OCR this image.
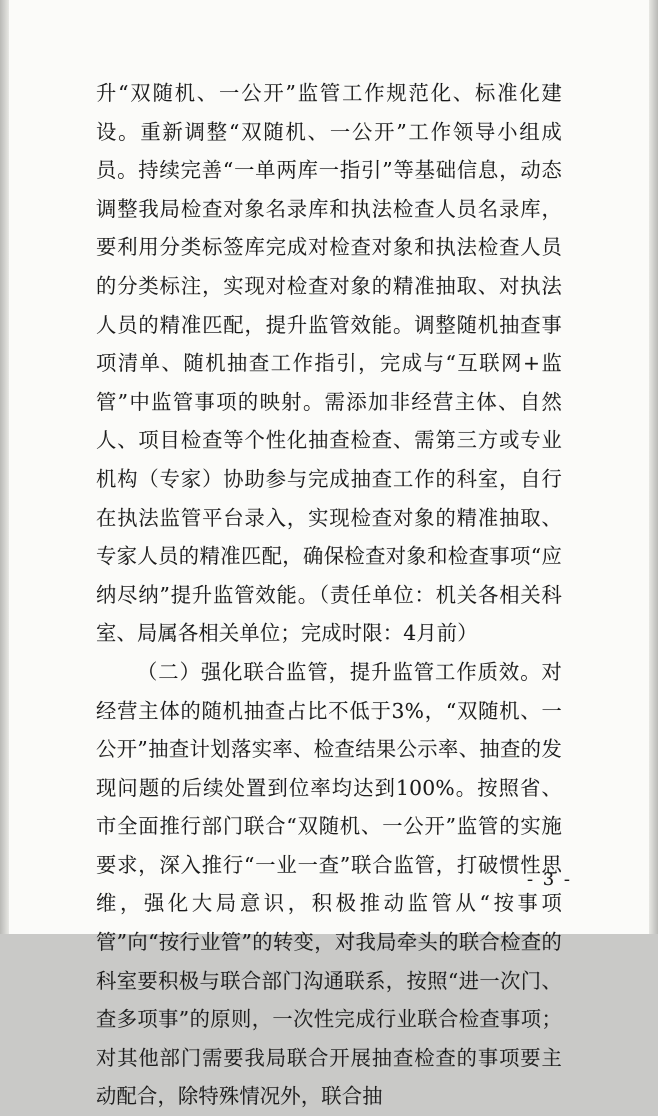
升“双随机、一公开”监管工作规范化、标准化建设。重新调整“双随机、一公开”工作领导小组成员。持续完善“一单两库一指引”等基础信息，动态调整我局检查对象名录库和执法检查人员名录库，要利用分类标签库完成对检查对象和执法检查人员的分类标注，实现对检查对象的精准抽取、对执法人员的精准匹配，提升监管效能。调整随机抽查事项清单、随机抽查工作指引，完成与“互联网+监管”中监管事项的映射。需添加非经营主体、自然人、项目检查等个性化抽查检查、需第三方或专业机构（专家）协助参与完成抽查工作的科室，自行在执法监管平台录入，实现检查对象的精准抽取、专家人员的精准匹配，确保检查对象和检查事项“应纳尽纳”提升监管效能。（责任单位：机关各相关科室、局属各相关单位；完成时限：4月前）

（二）强化联合监管，提升监管工作质效。对经营主体的随机抽查占比不低于3%，“双随机、一公开”抽查计划落实率、检查结果公示率、抽查的发现问题的后续处置到位率均达到100%。按照省、市全面推行部门联合“双随机、一公开”监管的实施要求，深入推行“一业一查”联合监管，打破惯性思维，强化大局意识，积极推动监管从“按事项管”向“按行业管”的转变，对我局牵头的联合检查的科室要积极与联合部门沟通联系，按照“进一次门、查多项事”的原则，一次性完成行业联合检查事项；对其他部门需要我局联合开展抽查检查的事项要主动配合，除特殊情况外，联合抽

- 3 -
